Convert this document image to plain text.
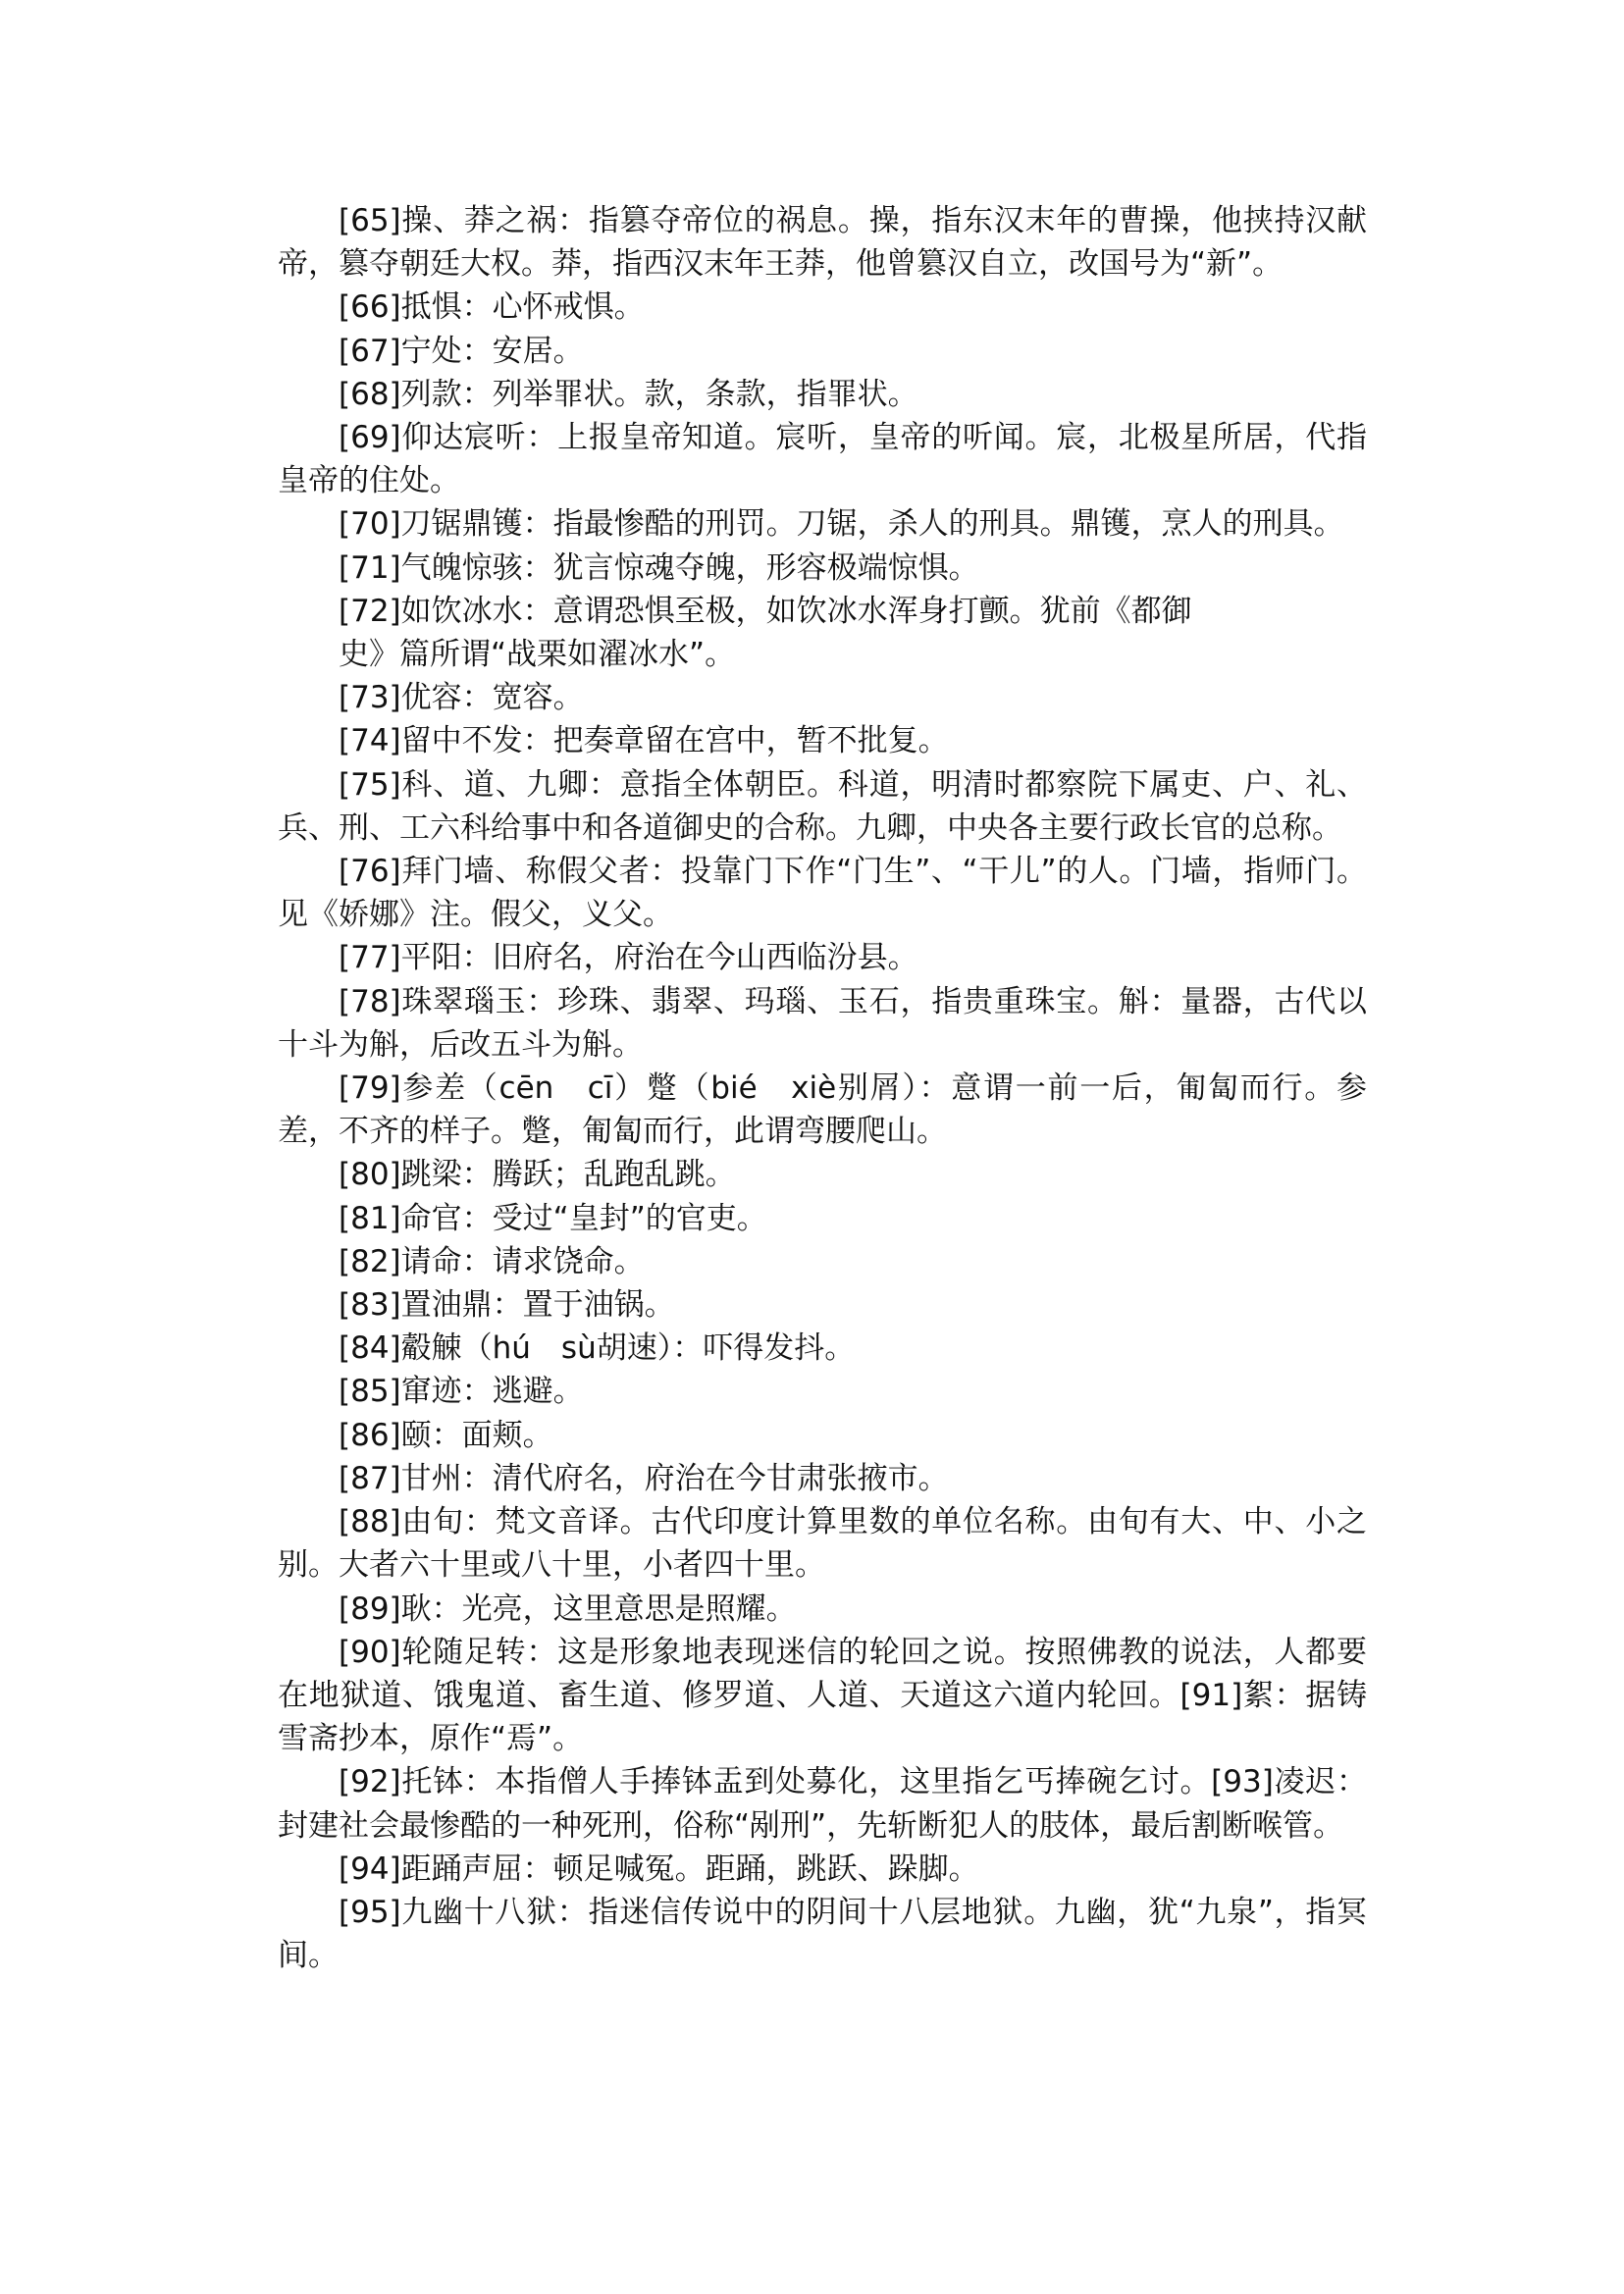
[65]操、莽之祸：指篡夺帝位的祸息。操，指东汉末年的曹操，他挟持汉献帝，篡夺朝廷大权。莽，指西汉末年王莽，他曾篡汉自立，改国号为“新”。

[66]抵惧：心怀戒惧。

[67]宁处：安居。

[68]列款：列举罪状。款，条款，指罪状。

[69]仰达宸听：上报皇帝知道。宸听，皇帝的听闻。宸，北极星所居，代指皇帝的住处。

[70]刀锯鼎镬：指最惨酷的刑罚。刀锯，杀人的刑具。鼎镬，烹人的刑具。

[71]气魄惊骇：犹言惊魂夺魄，形容极端惊惧。

[72]如饮冰水：意谓恐惧至极，如饮冰水浑身打颤。犹前《都御

史》篇所谓“战栗如濯冰水”。

[73]优容：宽容。

[74]留中不发：把奏章留在宫中，暂不批复。

[75]科、道、九卿：意指全体朝臣。科道，明清时都察院下属吏、户、礼、兵、刑、工六科给事中和各道御史的合称。九卿，中央各主要行政长官的总称。

[76]拜门墙、称假父者：投靠门下作“门生”、“干儿”的人。门墙，指师门。见《娇娜》注。假父，义父。

[77]平阳：旧府名，府治在今山西临汾县。

[78]珠翠瑙玉：珍珠、翡翠、玛瑙、玉石，指贵重珠宝。斛：量器，古代以十斗为斛，后改五斗为斛。

[79]参差（cēn　cī）蹩（bié　xiè别屑）：意谓一前一后，匍匐而行。参差，不齐的样子。蹩，匍匐而行，此谓弯腰爬山。

[80]跳梁：腾跃；乱跑乱跳。

[81]命官：受过“皇封”的官吏。

[82]请命：请求饶命。

[83]置油鼎：置于油锅。

[84]觳觫（hú　sù胡速）：吓得发抖。

[85]窜迹：逃避。

[86]颐：面颊。

[87]甘州：清代府名，府治在今甘肃张掖市。

[88]由旬：梵文音译。古代印度计算里数的单位名称。由旬有大、中、小之别。大者六十里或八十里，小者四十里。

[89]耿：光亮，这里意思是照耀。

[90]轮随足转：这是形象地表现迷信的轮回之说。按照佛教的说法，人都要在地狱道、饿鬼道、畜生道、修罗道、人道、天道这六道内轮回。[91]絮：据铸雪斋抄本，原作“焉”。

[92]托钵：本指僧人手捧钵盂到处募化，这里指乞丐捧碗乞讨。[93]凌迟：封建社会最惨酷的一种死刑，俗称“剐刑”，先斩断犯人的肢体，最后割断喉管。

[94]距踊声屈：顿足喊冤。距踊，跳跃、跺脚。

[95]九幽十八狱：指迷信传说中的阴间十八层地狱。九幽，犹“九泉”，指冥间。
